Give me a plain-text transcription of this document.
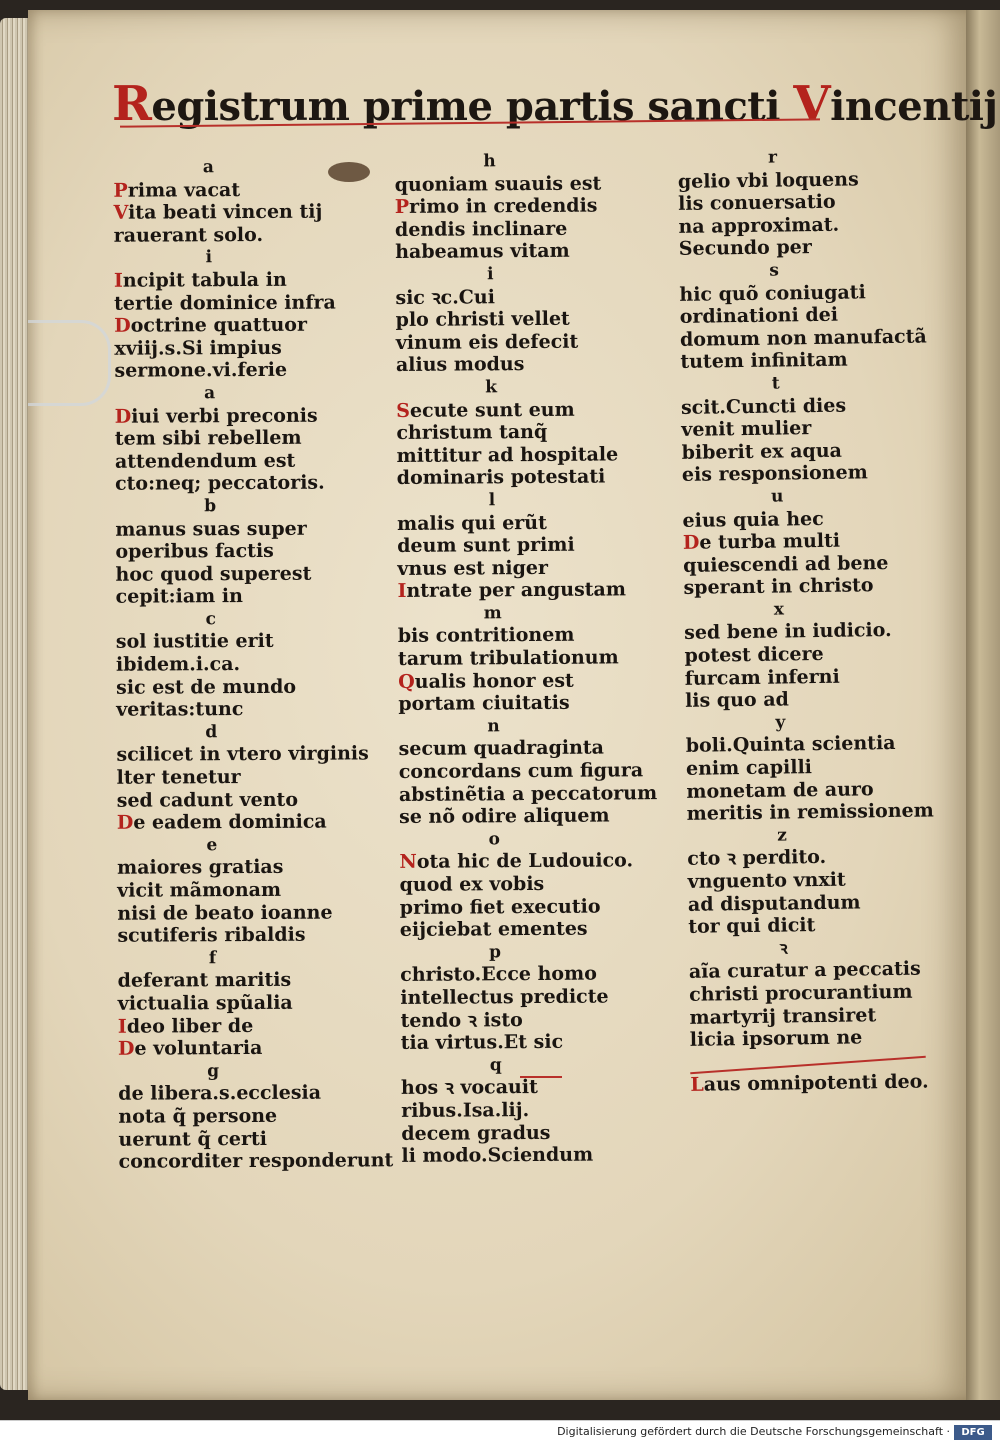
Registrum prime partis sancti Vincentij
a
Prima vacat
Vita beati vincen tij
rauerant solo.
i
Incipit tabula in
tertie dominice infra
Doctrine quattuor
xviij.s.Si impius
sermone.vi.ferie
a
Diui verbi preconis
tem sibi rebellem
attendendum est
cto:neq; peccatoris.
b
manus suas super
operibus factis
hoc quod superest
cepit:iam in
c
sol iustitie erit
ibidem.i.ca.
sic est de mundo
veritas:tunc
d
scilicet in vtero virginis
lter tenetur
sed cadunt vento
De eadem dominica
e
maiores gratias
vicit mãmonam
nisi de beato ioanne
scutiferis ribaldis
f
deferant maritis
victualia spũalia
Ideo liber de
De voluntaria
g
de libera.s.ecclesia
nota q̃ persone
uerunt q̃ certi
concorditer responderunt
h
quoniam suauis est
Primo in credendis
dendis inclinare
habeamus vitam
i
sic ꝛc.Cui
plo christi vellet
vinum eis defecit
alius modus
k
Secute sunt eum
christum tanq̃
mittitur ad hospitale
dominaris potestati
l
malis qui erũt
deum sunt primi
vnus est niger
Intrate per angustam
m
bis contritionem
tarum tribulationum
Qualis honor est
portam ciuitatis
n
secum quadraginta
concordans cum figura
abstinẽtia a peccatorum
se nõ odire aliquem
o
Nota hic de Ludouico.
quod ex vobis
primo fiet executio
eijciebat ementes
p
christo.Ecce homo
intellectus predicte
tendo ꝛ isto
tia virtus.Et sic
q
hos ꝛ vocauit
ribus.Isa.lij.
decem gradus
li modo.Sciendum
r
gelio vbi loquens
lis conuersatio
na approximat.
Secundo per
s
hic quõ coniugati
ordinationi dei
domum non manufactã
tutem infinitam
t
scit.Cuncti dies
venit mulier
biberit ex aqua
eis responsionem
u
eius quia hec
De turba multi
quiescendi ad bene
sperant in christo
x
sed bene in iudicio.
potest dicere
furcam inferni
lis quo ad
y
boli.Quinta scientia
enim capilli
monetam de auro
meritis in remissionem
z
cto ꝛ perdito.
vnguento vnxit
ad disputandum
tor qui dicit
ꝛ
aĩa curatur a peccatis
christi procurantium
martyrij transiret
licia ipsorum ne
Laus omnipotenti deo.
Digitalisierung gefördert durch die Deutsche Forschungsgemeinschaft ·	DFG
